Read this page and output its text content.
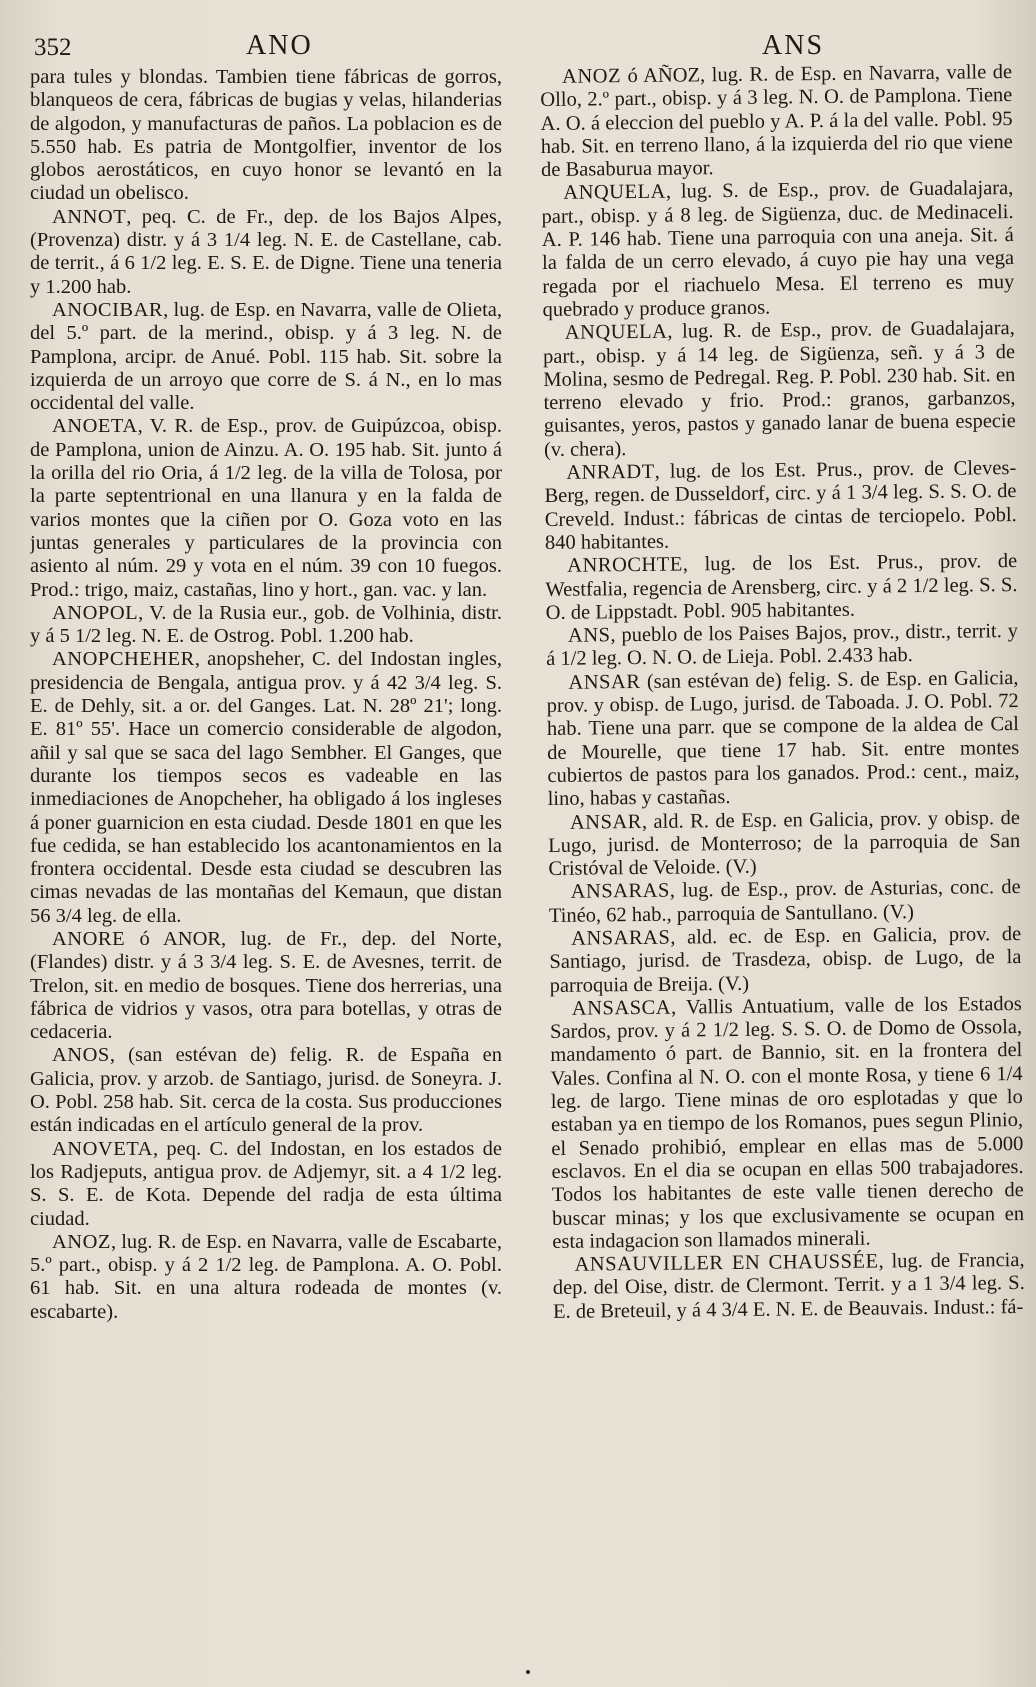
352	ANO	ANS

para tules y blondas. Tambien tiene fábricas de gorros, blanqueos de cera, fábricas de bugias y velas, hilanderias de algodon, y manufacturas de paños. La poblacion es de 5.550 hab. Es patria de Montgolfier, inventor de los globos aerostáticos, en cuyo honor se levantó en la ciudad un obelisco.

ANNOT, peq. C. de Fr., dep. de los Bajos Alpes, (Provenza) distr. y á 3 1/4 leg. N. E. de Castellane, cab. de territ., á 6 1/2 leg. E. S. E. de Digne. Tiene una teneria y 1.200 hab.

ANOCIBAR, lug. de Esp. en Navarra, valle de Olieta, del 5.º part. de la merind., obisp. y á 3 leg. N. de Pamplona, arcipr. de Anué. Pobl. 115 hab. Sit. sobre la izquierda de un arroyo que corre de S. á N., en lo mas occidental del valle.

ANOETA, V. R. de Esp., prov. de Guipúzcoa, obisp. de Pamplona, union de Ainzu. A. O. 195 hab. Sit. junto á la orilla del rio Oria, á 1/2 leg. de la villa de Tolosa, por la parte septentrional en una llanura y en la falda de varios montes que la ciñen por O. Goza voto en las juntas generales y particulares de la provincia con asiento al núm. 29 y vota en el núm. 39 con 10 fuegos. Prod.: trigo, maiz, castañas, lino y hort., gan. vac. y lan.

ANOPOL, V. de la Rusia eur., gob. de Volhinia, distr. y á 5 1/2 leg. N. E. de Ostrog. Pobl. 1.200 hab.

ANOPCHEHER, anopsheher, C. del Indostan ingles, presidencia de Bengala, antigua prov. y á 42 3/4 leg. S. E. de Dehly, sit. a or. del Ganges. Lat. N. 28º 21'; long. E. 81º 55'. Hace un comercio considerable de algodon, añil y sal que se saca del lago Sembher. El Ganges, que durante los tiempos secos es vadeable en las inmediaciones de Anopcheher, ha obligado á los ingleses á poner guarnicion en esta ciudad. Desde 1801 en que les fue cedida, se han establecido los acantonamientos en la frontera occidental. Desde esta ciudad se descubren las cimas nevadas de las montañas del Kemaun, que distan 56 3/4 leg. de ella.

ANORE ó ANOR, lug. de Fr., dep. del Norte, (Flandes) distr. y á 3 3/4 leg. S. E. de Avesnes, territ. de Trelon, sit. en medio de bosques. Tiene dos herrerias, una fábrica de vidrios y vasos, otra para botellas, y otras de cedaceria.

ANOS, (san estévan de) felig. R. de España en Galicia, prov. y arzob. de Santiago, jurisd. de Soneyra. J. O. Pobl. 258 hab. Sit. cerca de la costa. Sus producciones están indicadas en el artículo general de la prov.

ANOVETA, peq. C. del Indostan, en los estados de los Radjeputs, antigua prov. de Adjemyr, sit. a 4 1/2 leg. S. S. E. de Kota. Depende del radja de esta última ciudad.

ANOZ, lug. R. de Esp. en Navarra, valle de Escabarte, 5.º part., obisp. y á 2 1/2 leg. de Pamplona. A. O. Pobl. 61 hab. Sit. en una altura rodeada de montes (v. escabarte).

ANOZ ó AÑOZ, lug. R. de Esp. en Navarra, valle de Ollo, 2.º part., obisp. y á 3 leg. N. O. de Pamplona. Tiene A. O. á eleccion del pueblo y A. P. á la del valle. Pobl. 95 hab. Sit. en terreno llano, á la izquierda del rio que viene de Basaburua mayor.

ANQUELA, lug. S. de Esp., prov. de Guadalajara, part., obisp. y á 8 leg. de Sigüenza, duc. de Medinaceli. A. P. 146 hab. Tiene una parroquia con una aneja. Sit. á la falda de un cerro elevado, á cuyo pie hay una vega regada por el riachuelo Mesa. El terreno es muy quebrado y produce granos.

ANQUELA, lug. R. de Esp., prov. de Guadalajara, part., obisp. y á 14 leg. de Sigüenza, señ. y á 3 de Molina, sesmo de Pedregal. Reg. P. Pobl. 230 hab. Sit. en terreno elevado y frio. Prod.: granos, garbanzos, guisantes, yeros, pastos y ganado lanar de buena especie (v. chera).

ANRADT, lug. de los Est. Prus., prov. de Cleves-Berg, regen. de Dusseldorf, circ. y á 1 3/4 leg. S. S. O. de Creveld. Indust.: fábricas de cintas de terciopelo. Pobl. 840 habitantes.

ANROCHTE, lug. de los Est. Prus., prov. de Westfalia, regencia de Arensberg, circ. y á 2 1/2 leg. S. S. O. de Lippstadt. Pobl. 905 habitantes.

ANS, pueblo de los Paises Bajos, prov., distr., territ. y á 1/2 leg. O. N. O. de Lieja. Pobl. 2.433 hab.

ANSAR (san estévan de) felig. S. de Esp. en Galicia, prov. y obisp. de Lugo, jurisd. de Taboada. J. O. Pobl. 72 hab. Tiene una parr. que se compone de la aldea de Cal de Mourelle, que tiene 17 hab. Sit. entre montes cubiertos de pastos para los ganados. Prod.: cent., maiz, lino, habas y castañas.

ANSAR, ald. R. de Esp. en Galicia, prov. y obisp. de Lugo, jurisd. de Monterroso; de la parroquia de San Cristóval de Veloide. (V.)

ANSARAS, lug. de Esp., prov. de Asturias, conc. de Tinéo, 62 hab., parroquia de Santullano. (V.)

ANSARAS, ald. ec. de Esp. en Galicia, prov. de Santiago, jurisd. de Trasdeza, obisp. de Lugo, de la parroquia de Breija. (V.)

ANSASCA, Vallis Antuatium, valle de los Estados Sardos, prov. y á 2 1/2 leg. S. S. O. de Domo de Ossola, mandamento ó part. de Bannio, sit. en la frontera del Vales. Confina al N. O. con el monte Rosa, y tiene 6 1/4 leg. de largo. Tiene minas de oro esplotadas y que lo estaban ya en tiempo de los Romanos, pues segun Plinio, el Senado prohibió, emplear en ellas mas de 5.000 esclavos. En el dia se ocupan en ellas 500 trabajadores. Todos los habitantes de este valle tienen derecho de buscar minas; y los que exclusivamente se ocupan en esta indagacion son llamados minerali.

ANSAUVILLER EN CHAUSSÉE, lug. de Francia, dep. del Oise, distr. de Clermont. Territ. y a 1 3/4 leg. S. E. de Breteuil, y á 4 3/4 E. N. E. de Beauvais. Indust.: fá-
